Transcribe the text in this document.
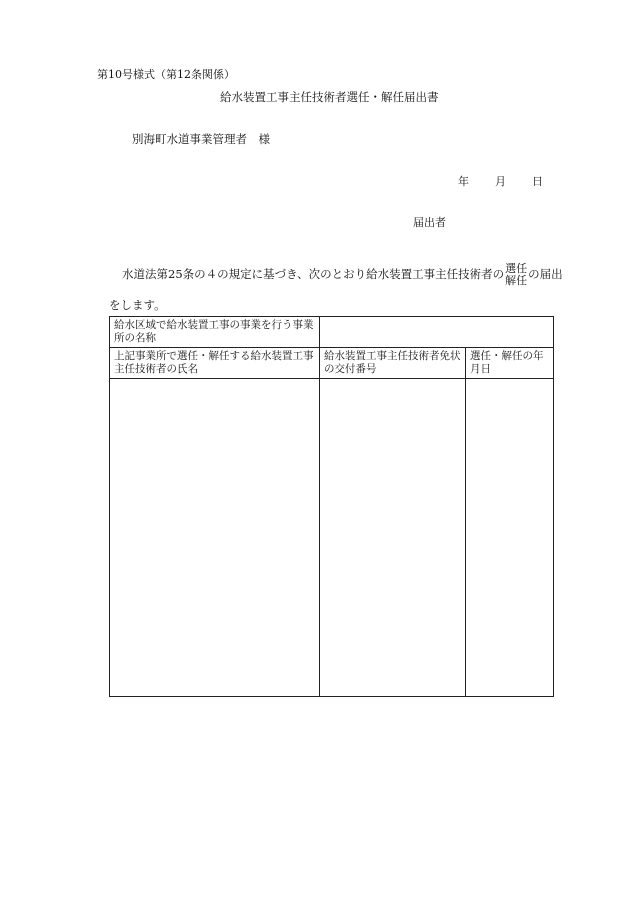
第10号様式（第12条関係）
給水装置工事主任技術者選任・解任届出書
別海町水道事業管理者　様
年 月 日
届出者
水道法第25条の４の規定に基づき、次のとおり給水装置工事主任技術者の 選任
解任 の届出
をします。
給水区域で給水装置工事の事業を行う事業所の名称		
上記事業所で選任・解任する給水装置工事主任技術者の氏名	給水装置工事主任技術者免状の交付番号	選任・解任の年月日
